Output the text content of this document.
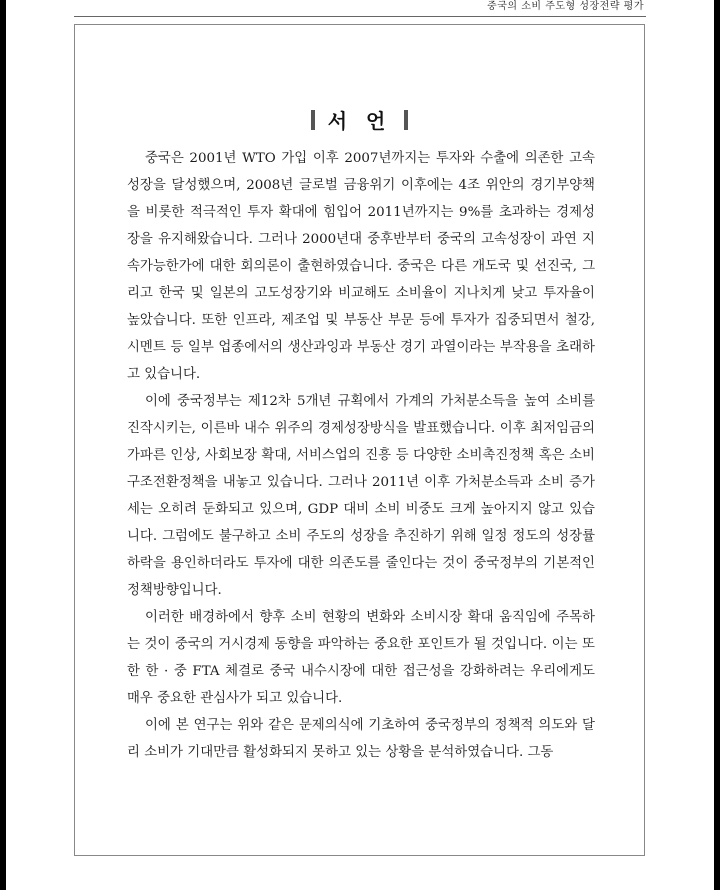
중국의 소비 주도형 성장전략 평가
서 언

중국은 2001년 WTO 가입 이후 2007년까지는 투자와 수출에 의존한 고속성장을 달성했으며, 2008년 글로벌 금융위기 이후에는 4조 위안의 경기부양책을 비롯한 적극적인 투자 확대에 힘입어 2011년까지는 9%를 초과하는 경제성장을 유지해왔습니다. 그러나 2000년대 중후반부터 중국의 고속성장이 과연 지속가능한가에 대한 회의론이 출현하였습니다. 중국은 다른 개도국 및 선진국, 그리고 한국 및 일본의 고도성장기와 비교해도 소비율이 지나치게 낮고 투자율이 높았습니다. 또한 인프라, 제조업 및 부동산 부문 등에 투자가 집중되면서 철강, 시멘트 등 일부 업종에서의 생산과잉과 부동산 경기 과열이라는 부작용을 초래하고 있습니다.

이에 중국정부는 제12차 5개년 규획에서 가계의 가처분소득을 높여 소비를 진작시키는, 이른바 내수 위주의 경제성장방식을 발표했습니다. 이후 최저임금의 가파른 인상, 사회보장 확대, 서비스업의 진흥 등 다양한 소비촉진정책 혹은 소비구조전환정책을 내놓고 있습니다. 그러나 2011년 이후 가처분소득과 소비 증가세는 오히려 둔화되고 있으며, GDP 대비 소비 비중도 크게 높아지지 않고 있습니다. 그럼에도 불구하고 소비 주도의 성장을 추진하기 위해 일정 정도의 성장률 하락을 용인하더라도 투자에 대한 의존도를 줄인다는 것이 중국정부의 기본적인 정책방향입니다.

이러한 배경하에서 향후 소비 현황의 변화와 소비시장 확대 움직임에 주목하는 것이 중국의 거시경제 동향을 파악하는 중요한 포인트가 될 것입니다. 이는 또한 한 · 중 FTA 체결로 중국 내수시장에 대한 접근성을 강화하려는 우리에게도 매우 중요한 관심사가 되고 있습니다.

이에 본 연구는 위와 같은 문제의식에 기초하여 중국정부의 정책적 의도와 달리 소비가 기대만큼 활성화되지 못하고 있는 상황을 분석하였습니다. 그동
